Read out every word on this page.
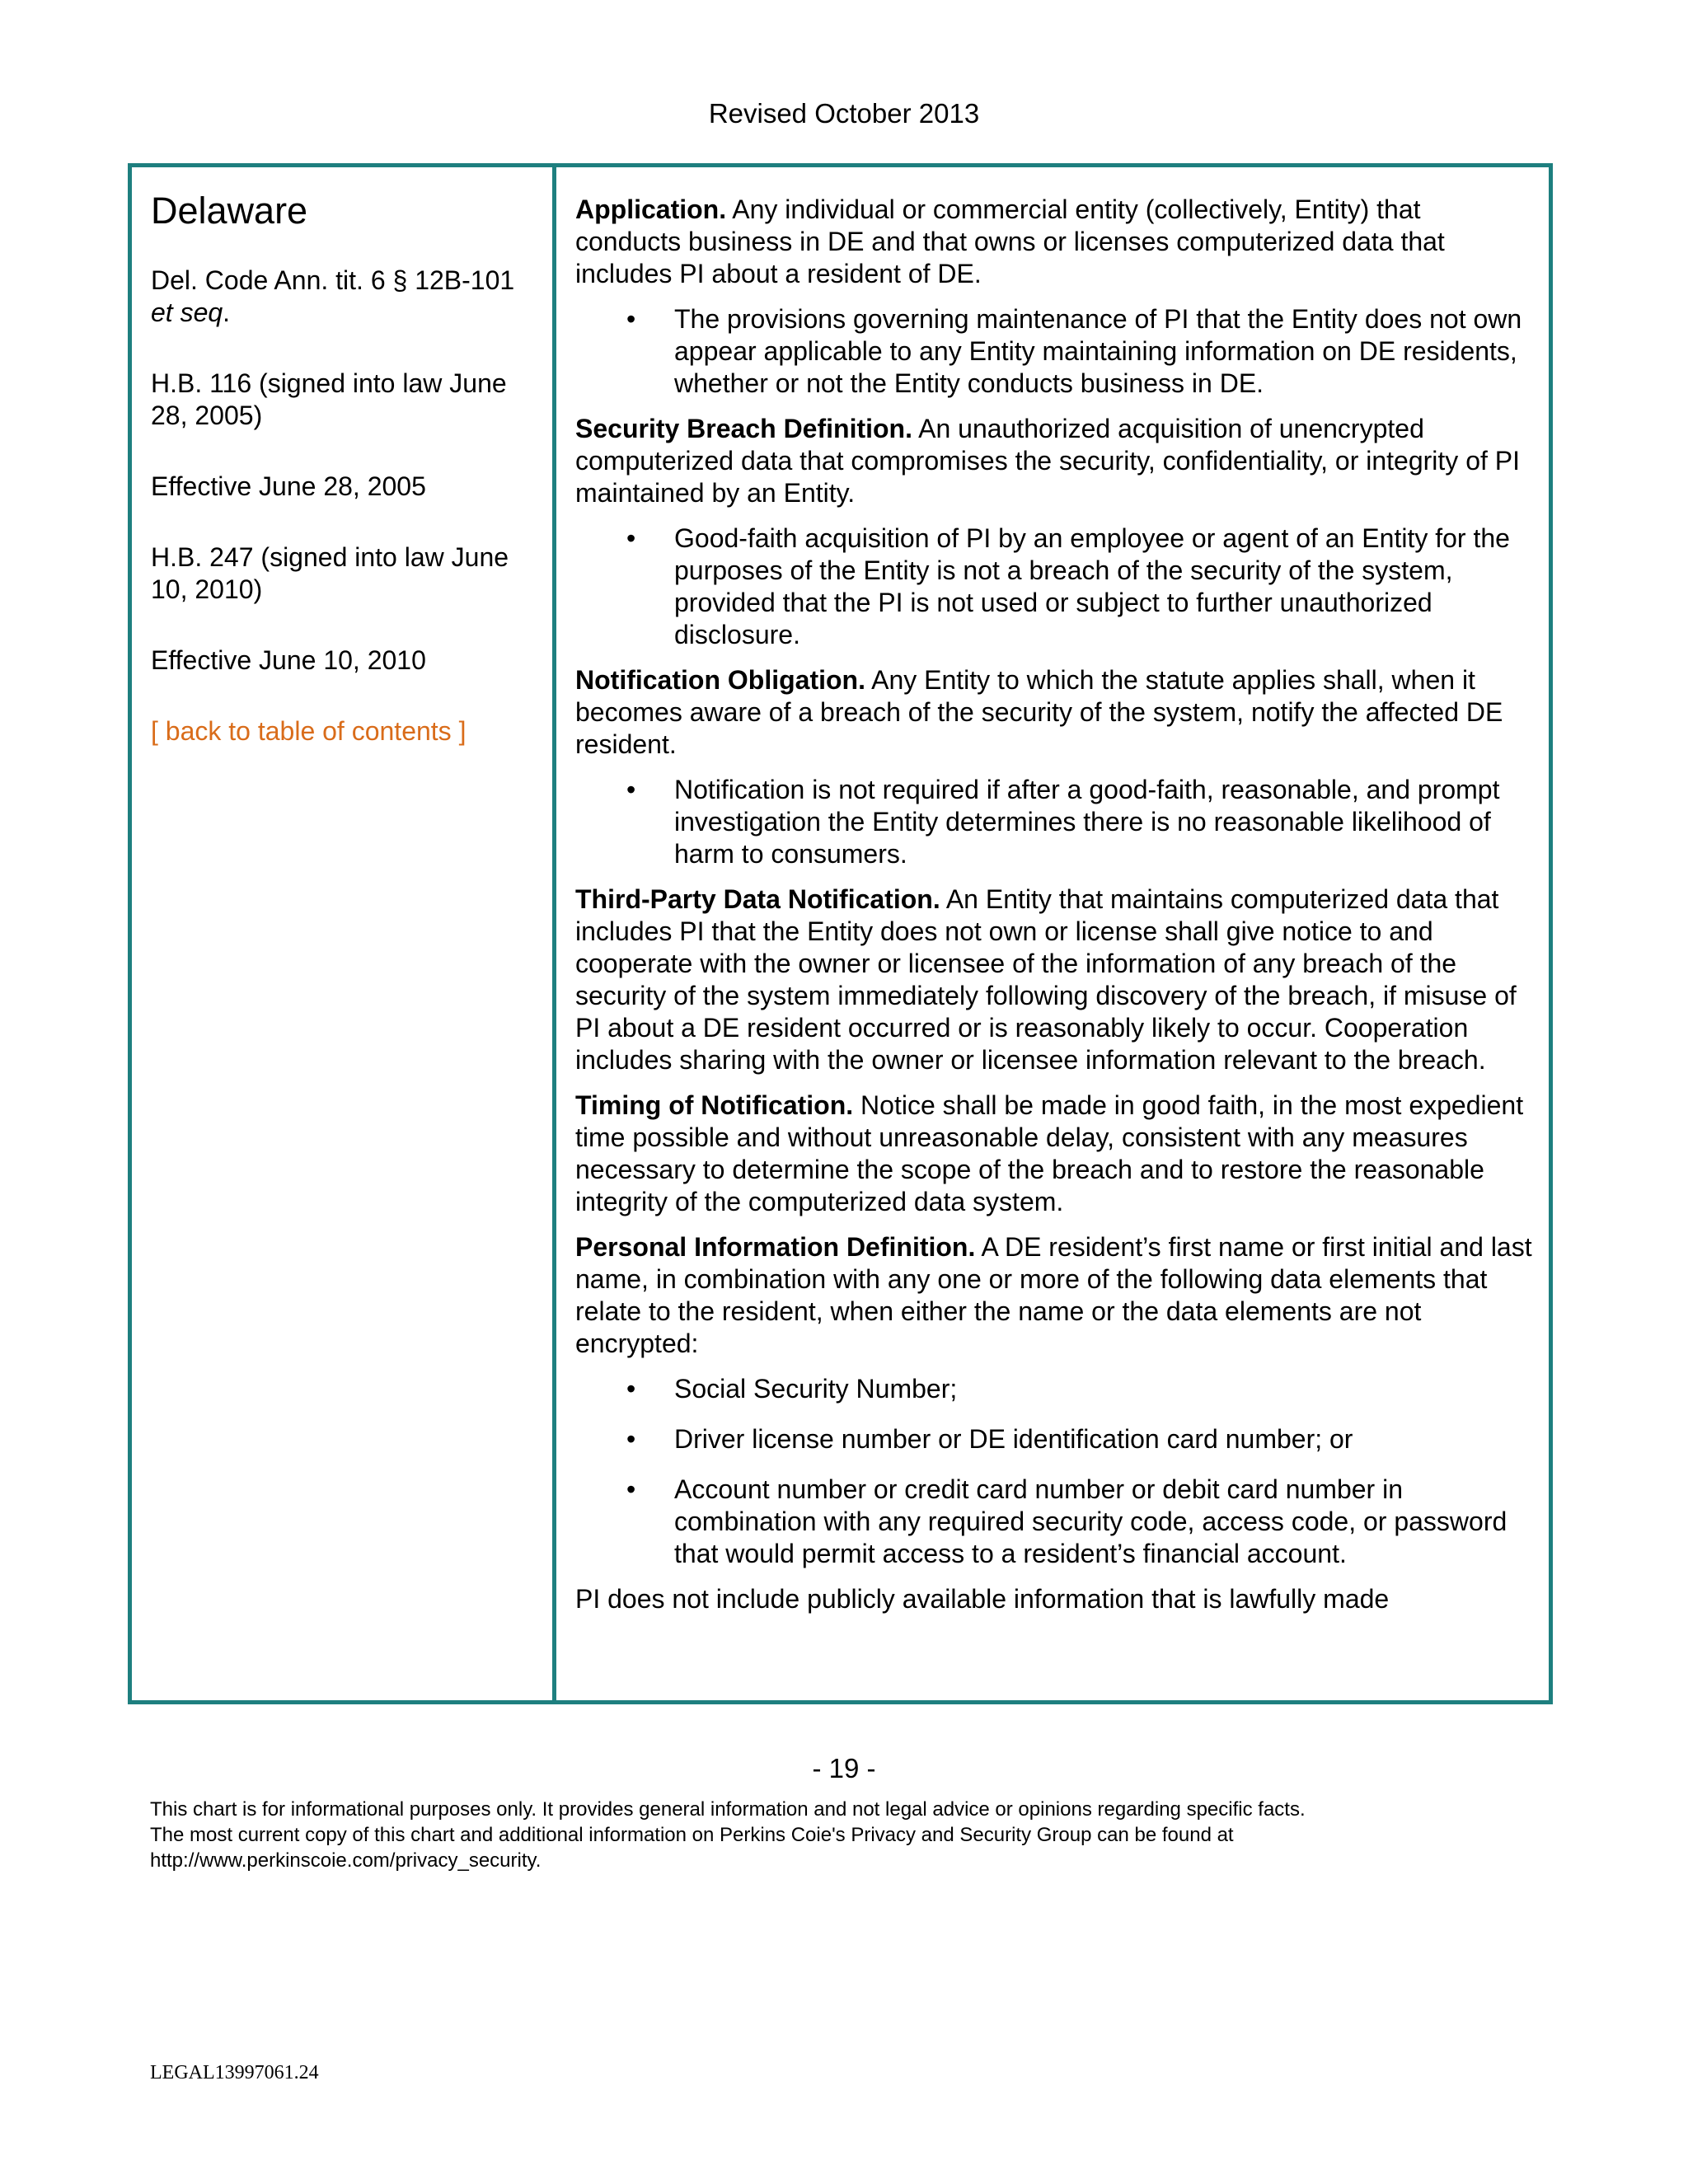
Revised October 2013
Delaware
Del. Code Ann. tit. 6 § 12B-101
et seq.
H.B. 116 (signed into law June 28, 2005)
Effective June 28, 2005
H.B. 247 (signed into law June 10, 2010)
Effective June 10, 2010
[ back to table of contents ]

Application. Any individual or commercial entity (collectively, Entity) that conducts business in DE and that owns or licenses computerized data that includes PI about a resident of DE.

• The provisions governing maintenance of PI that the Entity does not own appear applicable to any Entity maintaining information on DE residents, whether or not the Entity conducts business in DE.

Security Breach Definition. An unauthorized acquisition of unencrypted computerized data that compromises the security, confidentiality, or integrity of PI maintained by an Entity.

• Good-faith acquisition of PI by an employee or agent of an Entity for the purposes of the Entity is not a breach of the security of the system, provided that the PI is not used or subject to further unauthorized disclosure.

Notification Obligation. Any Entity to which the statute applies shall, when it becomes aware of a breach of the security of the system, notify the affected DE resident.

• Notification is not required if after a good-faith, reasonable, and prompt investigation the Entity determines there is no reasonable likelihood of harm to consumers.

Third-Party Data Notification. An Entity that maintains computerized data that includes PI that the Entity does not own or license shall give notice to and cooperate with the owner or licensee of the information of any breach of the security of the system immediately following discovery of the breach, if misuse of PI about a DE resident occurred or is reasonably likely to occur. Cooperation includes sharing with the owner or licensee information relevant to the breach.

Timing of Notification. Notice shall be made in good faith, in the most expedient time possible and without unreasonable delay, consistent with any measures necessary to determine the scope of the breach and to restore the reasonable integrity of the computerized data system.

Personal Information Definition. A DE resident’s first name or first initial and last name, in combination with any one or more of the following data elements that relate to the resident, when either the name or the data elements are not encrypted:

• Social Security Number;
• Driver license number or DE identification card number; or
• Account number or credit card number or debit card number in combination with any required security code, access code, or password that would permit access to a resident’s financial account.

PI does not include publicly available information that is lawfully made

- 19 -
This chart is for informational purposes only. It provides general information and not legal advice or opinions regarding specific facts.
The most current copy of this chart and additional information on Perkins Coie's Privacy and Security Group can be found at
http://www.perkinscoie.com/privacy_security.
LEGAL13997061.24
